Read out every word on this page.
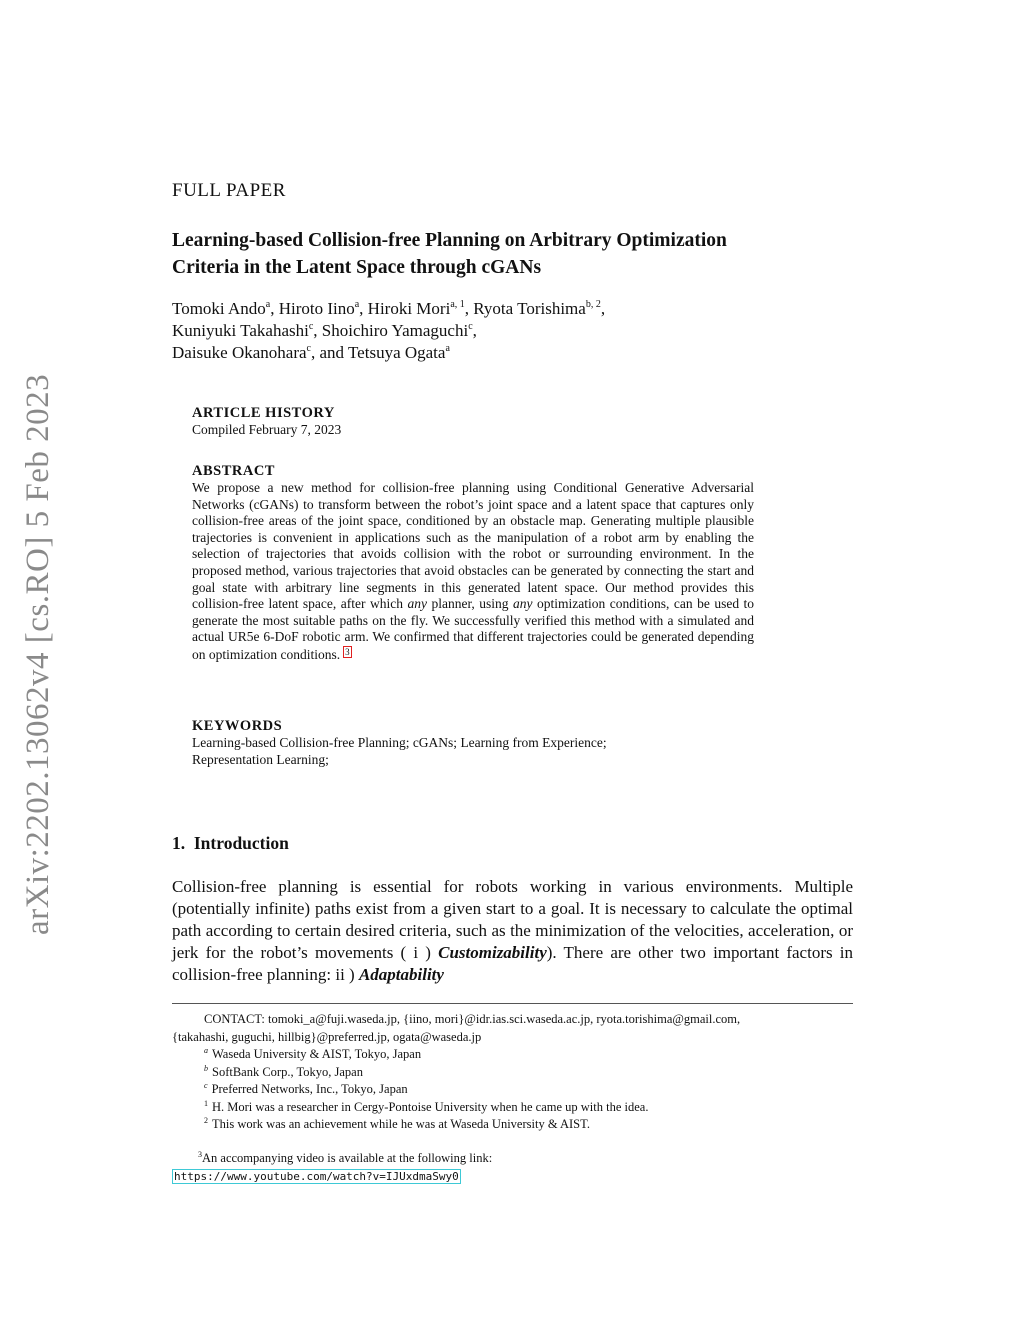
arXiv:2202.13062v4 [cs.RO] 5 Feb 2023
FULL PAPER
Learning-based Collision-free Planning on Arbitrary Optimization
Criteria in the Latent Space through cGANs
Tomoki Ando$^a$, Hiroto Iino$^a$, Hiroki Mori$^{a, 1}$, Ryota Torishima$^{b, 2}$,
Kuniyuki Takahashi$^c$, Shoichiro Yamaguchi$^c$,
Daisuke Okanohara$^c$, and Tetsuya Ogata$^a$
ARTICLE HISTORY
Compiled February 7, 2023
ABSTRACT
We propose a new method for collision-free planning using Conditional Generative Adversarial Networks (cGANs) to transform between the robot’s joint space and a latent space that captures only collision-free areas of the joint space, conditioned by an obstacle map. Generating multiple plausible trajectories is convenient in applications such as the manipulation of a robot arm by enabling the selection of trajectories that avoids collision with the robot or surrounding environment. In the proposed method, various trajectories that avoid obstacles can be generated by connecting the start and goal state with arbitrary line segments in this generated latent space. Our method provides this collision-free latent space, after which any planner, using any optimization conditions, can be used to generate the most suitable paths on the fly. We successfully verified this method with a simulated and actual UR5e 6-DoF robotic arm. We confirmed that different trajectories could be generated depending on optimization conditions. 3
KEYWORDS
Learning-based Collision-free Planning; cGANs; Learning from Experience;
Representation Learning;
1. Introduction
Collision-free planning is essential for robots working in various environments. Multiple (potentially infinite) paths exist from a given start to a goal. It is necessary to calculate the optimal path according to certain desired criteria, such as the minimization of the velocities, acceleration, or jerk for the robot’s movements ( i ) Customizability). There are other two important factors in collision-free planning: ii ) Adaptability
CONTACT: tomoki_a@fuji.waseda.jp, {iino, mori}@idr.ias.sci.waseda.ac.jp, ryota.torishima@gmail.com,
{takahashi, guguchi, hillbig}@preferred.jp, ogata@waseda.jp
$^a$ Waseda University & AIST, Tokyo, Japan
$^b$ SoftBank Corp., Tokyo, Japan
$^c$ Preferred Networks, Inc., Tokyo, Japan
$^1$ H. Mori was a researcher in Cergy-Pontoise University when he came up with the idea.
$^2$ This work was an achievement while he was at Waseda University & AIST.
$^3$An accompanying video is available at the following link:
https://www.youtube.com/watch?v=IJUxdmaSwy0
